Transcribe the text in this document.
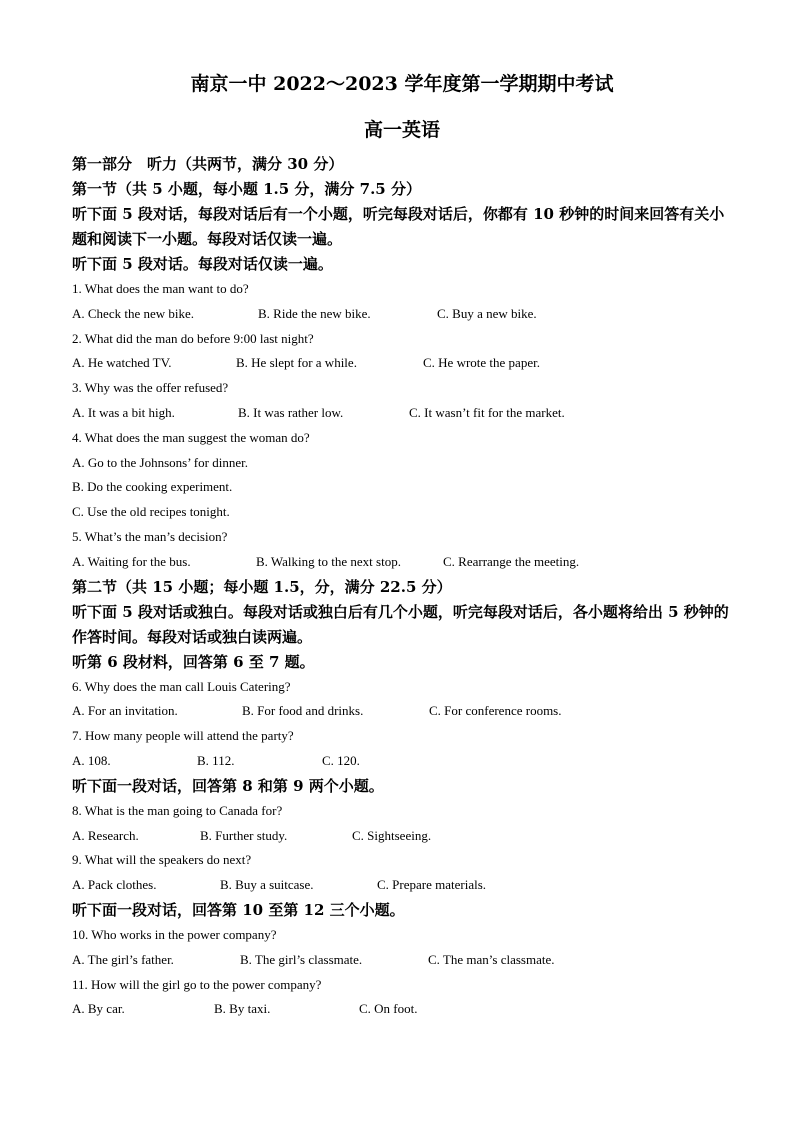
南京一中 2022～2023 学年度第一学期期中考试
高一英语
第一部分　听力（共两节，满分 30 分）
第一节（共 5 小题，每小题 1.5 分，满分 7.5 分）
听下面 5 段对话，每段对话后有一个小题，听完每段对话后，你都有 10 秒钟的时间来回答有关小题和阅读下一小题。每段对话仅读一遍。
听下面 5 段对话。每段对话仅读一遍。
1. What does the man want to do?
A. Check the new bike.	B. Ride the new bike.	C. Buy a new bike.
2. What did the man do before 9:00 last night?
A. He watched TV.	B. He slept for a while.	C. He wrote the paper.
3. Why was the offer refused?
A. It was a bit high.	B. It was rather low.	C. It wasn’t fit for the market.
4. What does the man suggest the woman do?
A. Go to the Johnsons’ for dinner.
B. Do the cooking experiment.
C. Use the old recipes tonight.
5. What’s the man’s decision?
A. Waiting for the bus.	B. Walking to the next stop.	C. Rearrange the meeting.
第二节（共 15 小题；每小题 1.5，分，满分 22.5 分）
听下面 5 段对话或独白。每段对话或独白后有几个小题，听完每段对话后，各小题将给出 5 秒钟的作答时间。每段对话或独白读两遍。
听第 6 段材料，回答第 6 至 7 题。
6. Why does the man call Louis Catering?
A. For an invitation.	B. For food and drinks.	C. For conference rooms.
7. How many people will attend the party?
A. 108.	B. 112.	C. 120.
听下面一段对话，回答第 8 和第 9 两个小题。
8. What is the man going to Canada for?
A. Research.	B. Further study.	C. Sightseeing.
9. What will the speakers do next?
A. Pack clothes.	B. Buy a suitcase.	C. Prepare materials.
听下面一段对话，回答第 10 至第 12 三个小题。
10. Who works in the power company?
A. The girl’s father.	B. The girl’s classmate.	C. The man’s classmate.
11. How will the girl go to the power company?
A. By car.	B. By taxi.	C. On foot.
